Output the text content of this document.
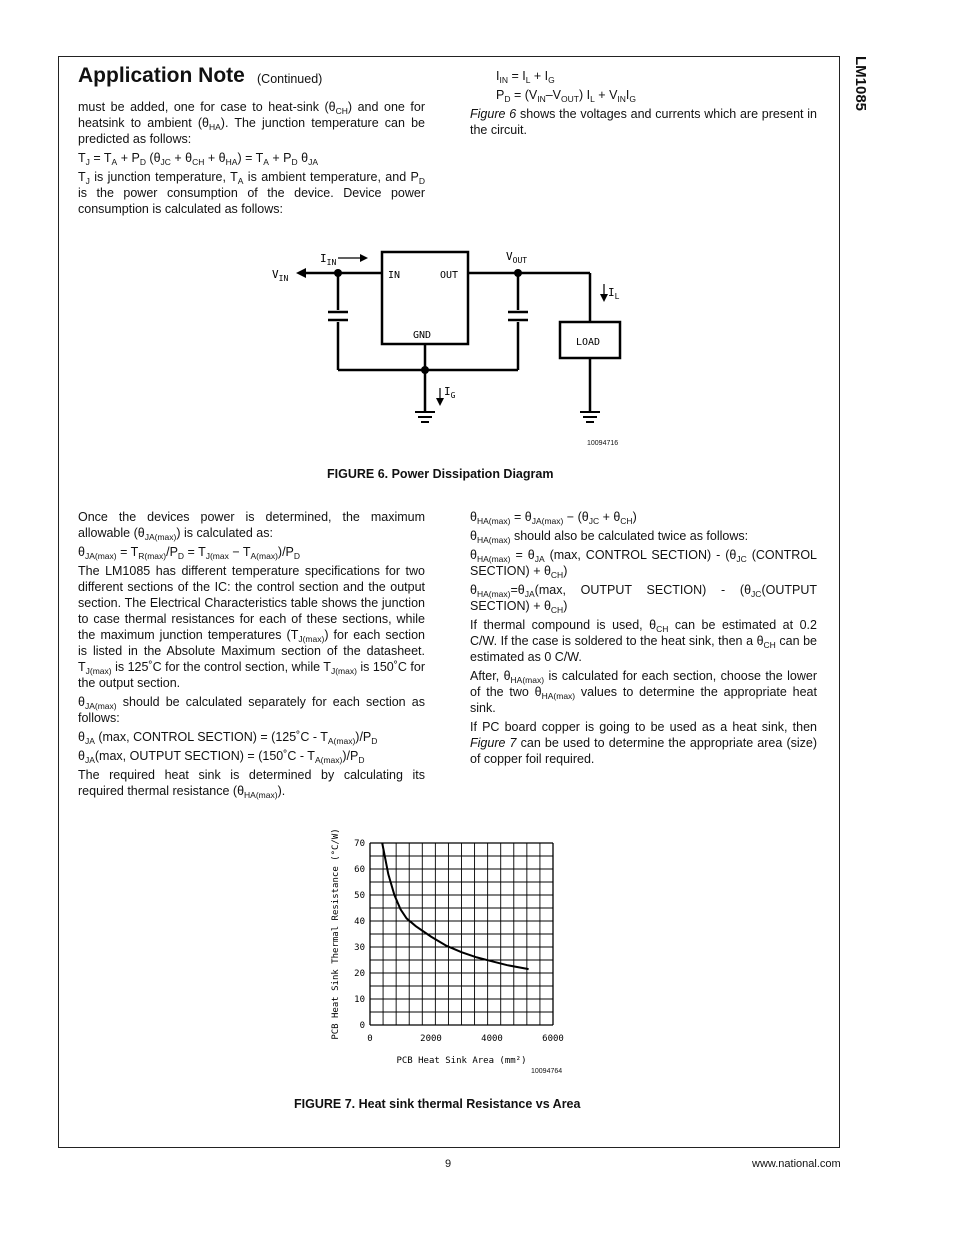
LM1085
Application Note (Continued)

must be added, one for case to heat-sink $(\theta_{CH})$ and one for heatsink to ambient $(\theta_{HA})$. The junction temperature can be predicted as follows:

$T_J = T_A + P_D$ $(\theta_{JC} + \theta_{CH} + \theta_{HA}) = T_A + P_D$ $\theta_{JA}$

$T_J$ is junction temperature, $T_A$ is ambient temperature, and $P_D$ is the power consumption of the device. Device power consumption is calculated as follows:

$I_{IN} = I_L + I_G$

$P_D = (V_{IN}-V_{OUT}) I_L + V_{IN}I_G$

Figure 6 shows the voltages and currents which are present in the circuit.

$V_{IN}$
$I_{IN}$	$V_{OUT}$
IN	OUT
GND
$I_L$
$I_G$
LOAD
10094716
FIGURE 6. Power Dissipation Diagram

Once the devices power is determined, the maximum allowable $(\theta_{JA(max)})$ is calculated as:

$\theta_{JA(max)} = T_{R(max)}/P_D = T_{J(max} - T_{A(max)})/P_D$

The LM1085 has different temperature specifications for two different sections of the IC: the control section and the output section. The Electrical Characteristics table shows the junction to case thermal resistances for each of these sections, while the maximum junction temperatures $(T_{J(max)})$ for each section is listed in the Absolute Maximum section of the datasheet. $T_{J(max)}$ is 125˚C for the control section, while $T_{J(max)}$ is 150˚C for the output section.

$\theta_{JA(max)}$ should be calculated separately for each section as follows:

$\theta_{JA}$ (max, CONTROL SECTION) = (125˚C - $T_{A(max)})/P_D$

$\theta_{JA}(\max$, OUTPUT SECTION) = (150˚C - $T_{A(max)})/P_D$

The required heat sink is determined by calculating its required thermal resistance $(\theta_{HA(max)})$.

$\theta_{HA(max)} = \theta_{JA(max)} - (\theta_{JC} + \theta_{CH})$

$\theta_{HA(max)}$ should also be calculated twice as follows:

$\theta_{HA(max)} = \theta_{JA}$ (max, CONTROL SECTION) - ($\theta_{JC}$ (CONTROL SECTION) + $\theta_{CH}$)

$\theta_{HA(max)}=\theta_{JA}(\max$, OUTPUT SECTION) - ($\theta_{JC}(OUTPUT$ SECTION) + $\theta_{CH}$)

If thermal compound is used, $\theta_{CH}$ can be estimated at 0.2 C/W. If the case is soldered to the heat sink, then a $\theta_{CH}$ can be estimated as 0 C/W.

After, $\theta_{HA(max)}$ is calculated for each section, choose the lower of the two $\theta_{HA(max)}$ values to determine the appropriate heat sink.

If PC board copper is going to be used as a heat sink, then Figure 7 can be used to determine the appropriate area (size) of copper foil required.

0
10
20
30
40
50
60
70
0	2000	4000	6000
PCB Heat Sink Area (mm²)
PCB Heat Sink Thermal Resistance (°C/W)
10094764
FIGURE 7. Heat sink thermal Resistance vs Area
9	www.national.com
